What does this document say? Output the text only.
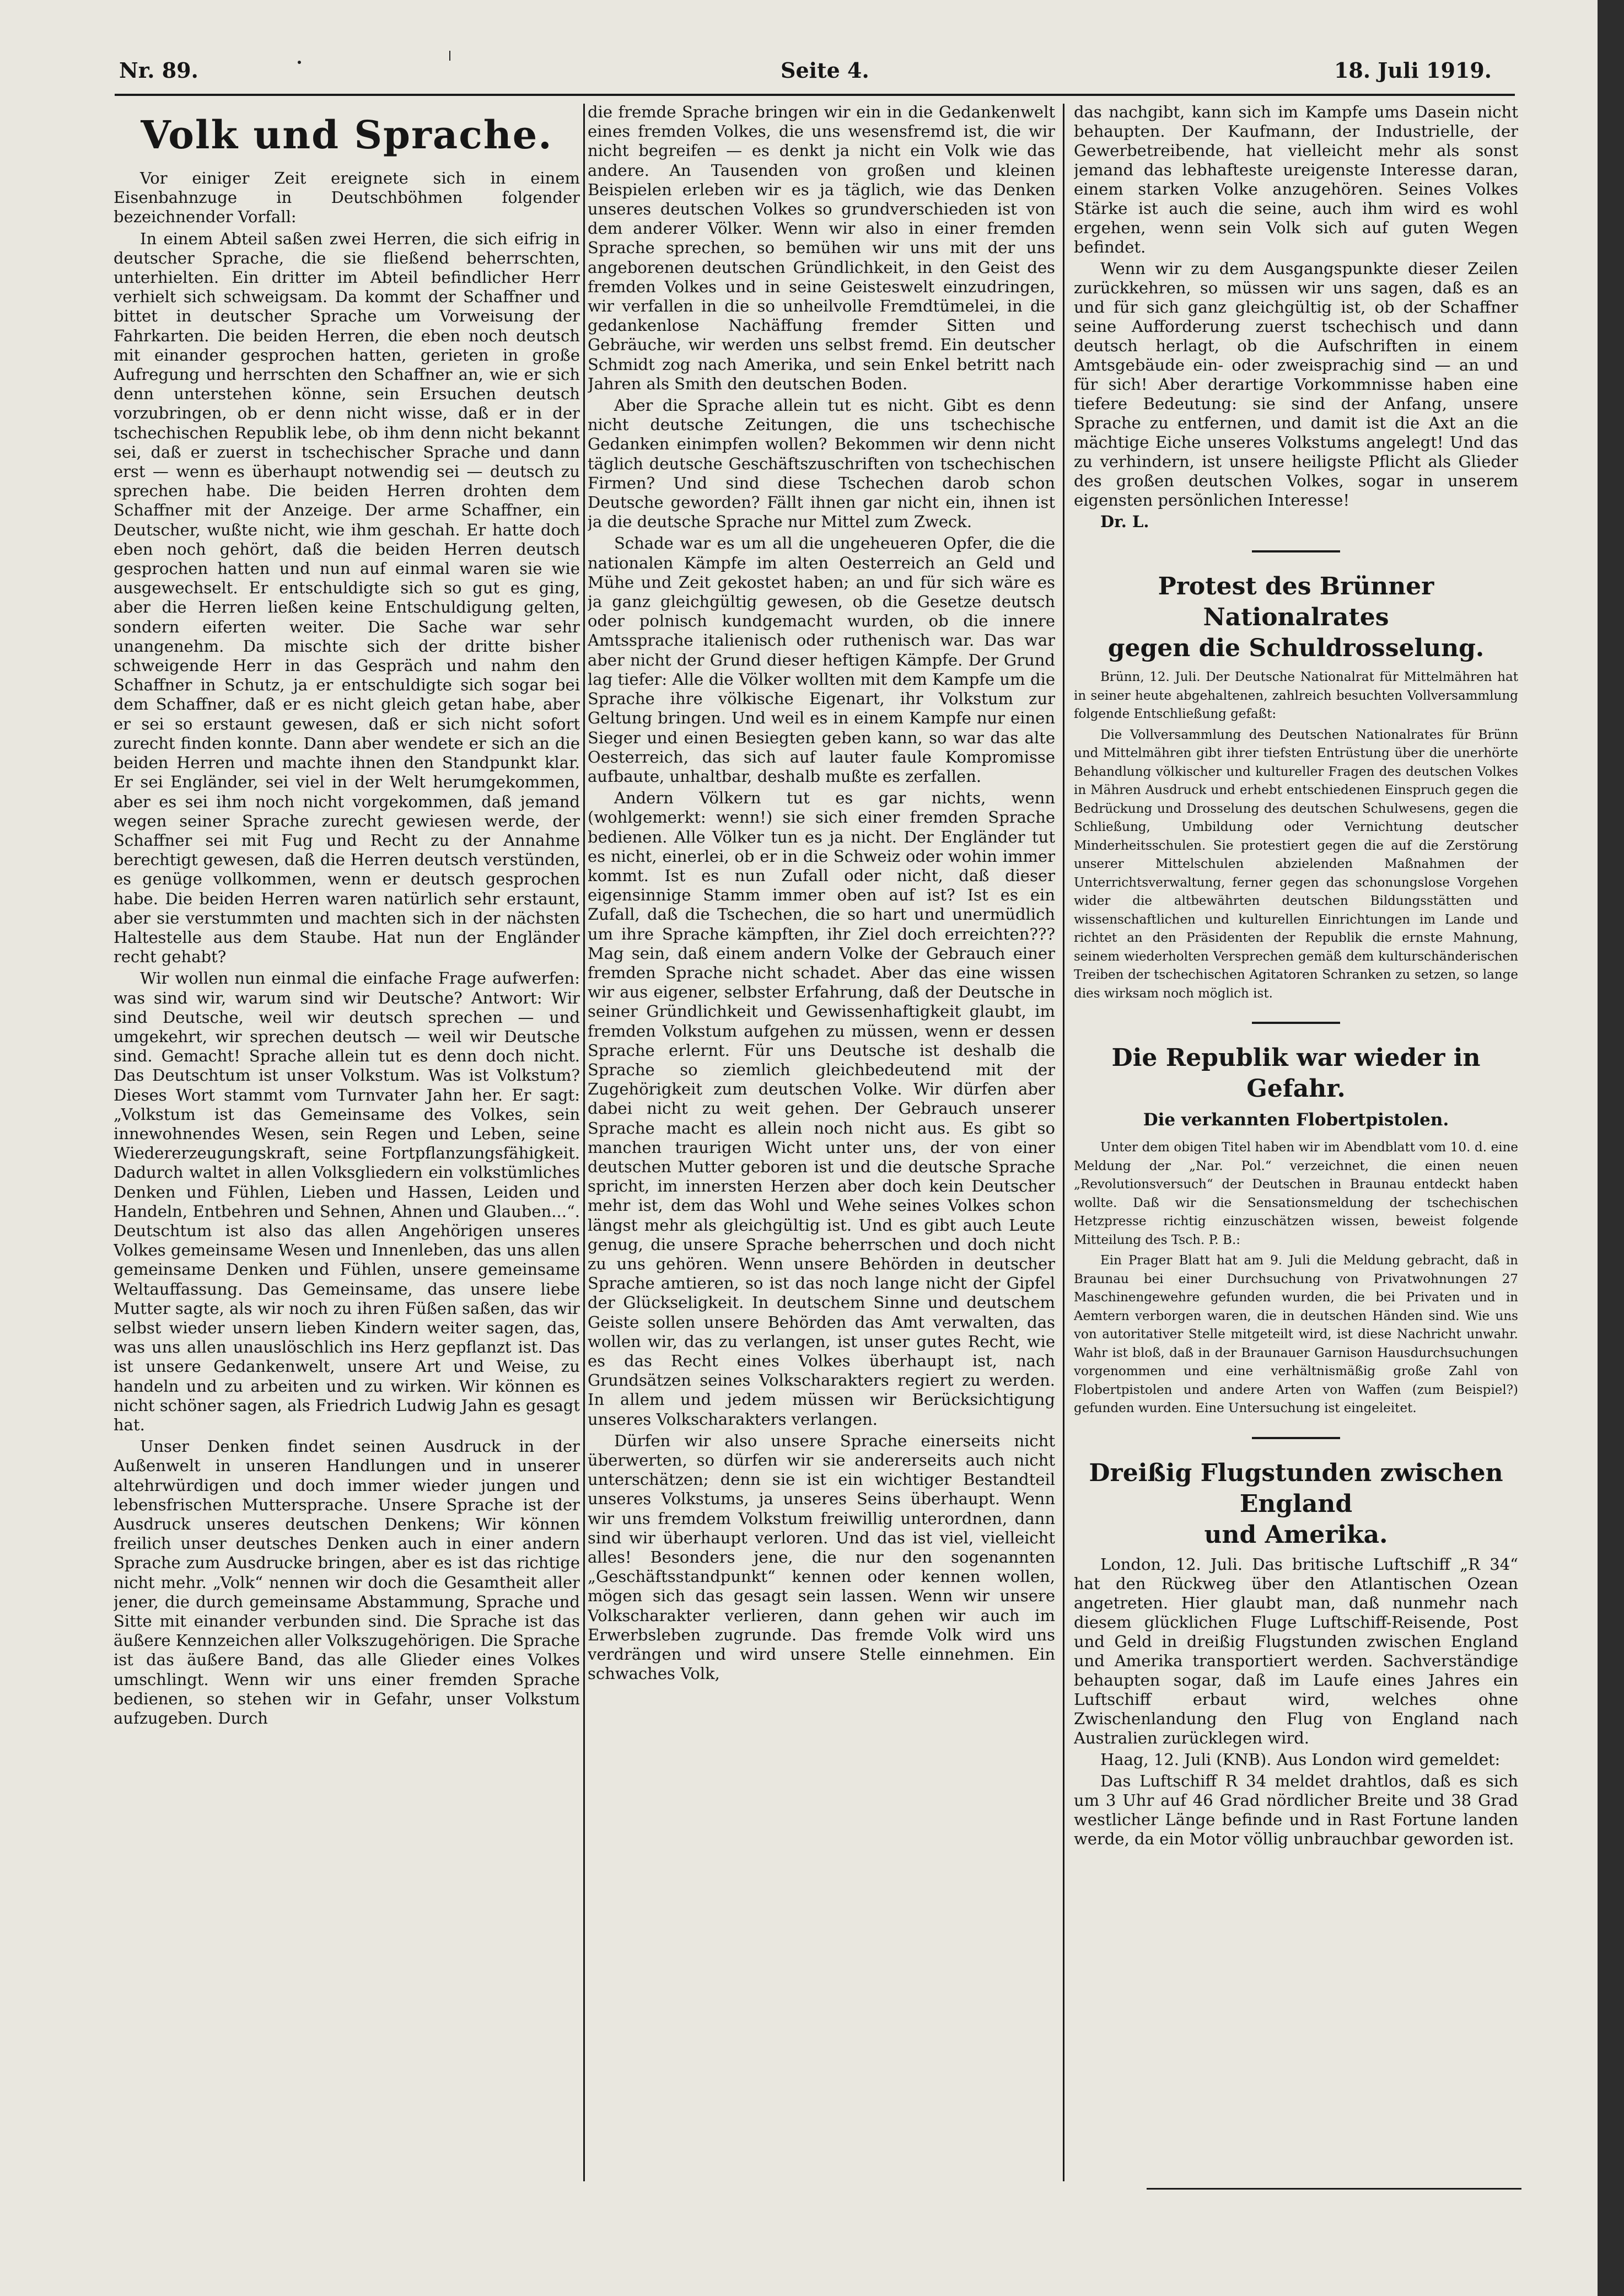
Nr. 89.	Seite 4.	18. Juli 1919.
Volk und Sprache.

Vor einiger Zeit ereignete sich in einem Eisenbahnzuge in Deutschböhmen folgender bezeichnender Vorfall:

In einem Abteil saßen zwei Herren, die sich eifrig in deutscher Sprache, die sie fließend beherrschten, unterhielten. Ein dritter im Abteil befindlicher Herr verhielt sich schweigsam. Da kommt der Schaffner und bittet in deutscher Sprache um Vorweisung der Fahrkarten. Die beiden Herren, die eben noch deutsch mit einander gesprochen hatten, gerieten in große Aufregung und herrschten den Schaffner an, wie er sich denn unterstehen könne, sein Ersuchen deutsch vorzubringen, ob er denn nicht wisse, daß er in der tschechischen Republik lebe, ob ihm denn nicht bekannt sei, daß er zuerst in tschechischer Sprache und dann erst — wenn es überhaupt notwendig sei — deutsch zu sprechen habe. Die beiden Herren drohten dem Schaffner mit der Anzeige. Der arme Schaffner, ein Deutscher, wußte nicht, wie ihm geschah. Er hatte doch eben noch gehört, daß die beiden Herren deutsch gesprochen hatten und nun auf einmal waren sie wie ausgewechselt. Er entschuldigte sich so gut es ging, aber die Herren ließen keine Entschuldigung gelten, sondern eiferten weiter. Die Sache war sehr unangenehm. Da mischte sich der dritte bisher schweigende Herr in das Gespräch und nahm den Schaffner in Schutz, ja er entschuldigte sich sogar bei dem Schaffner, daß er es nicht gleich getan habe, aber er sei so erstaunt gewesen, daß er sich nicht sofort zurecht finden konnte. Dann aber wendete er sich an die beiden Herren und machte ihnen den Standpunkt klar. Er sei Engländer, sei viel in der Welt herumgekommen, aber es sei ihm noch nicht vorgekommen, daß jemand wegen seiner Sprache zurecht gewiesen werde, der Schaffner sei mit Fug und Recht zu der Annahme berechtigt gewesen, daß die Herren deutsch verstünden, es genüge vollkommen, wenn er deutsch gesprochen habe. Die beiden Herren waren natürlich sehr erstaunt, aber sie verstummten und machten sich in der nächsten Haltestelle aus dem Staube. Hat nun der Engländer recht gehabt?

Wir wollen nun einmal die einfache Frage aufwerfen: was sind wir, warum sind wir Deutsche? Antwort: Wir sind Deutsche, weil wir deutsch sprechen — und umgekehrt, wir sprechen deutsch — weil wir Deutsche sind. Gemacht! Sprache allein tut es denn doch nicht. Das Deutschtum ist unser Volkstum. Was ist Volkstum? Dieses Wort stammt vom Turnvater Jahn her. Er sagt: „Volkstum ist das Gemeinsame des Volkes, sein innewohnendes Wesen, sein Regen und Leben, seine Wiedererzeugungskraft, seine Fortpflanzungsfähigkeit. Dadurch waltet in allen Volksgliedern ein volkstümliches Denken und Fühlen, Lieben und Hassen, Leiden und Handeln, Entbehren und Sehnen, Ahnen und Glauben...“. Deutschtum ist also das allen Angehörigen unseres Volkes gemeinsame Wesen und Innenleben, das uns allen gemeinsame Denken und Fühlen, unsere gemeinsame Weltauffassung. Das Gemeinsame, das unsere liebe Mutter sagte, als wir noch zu ihren Füßen saßen, das wir selbst wieder unsern lieben Kindern weiter sagen, das, was uns allen unauslöschlich ins Herz gepflanzt ist. Das ist unsere Gedankenwelt, unsere Art und Weise, zu handeln und zu arbeiten und zu wirken. Wir können es nicht schöner sagen, als Friedrich Ludwig Jahn es gesagt hat.

Unser Denken findet seinen Ausdruck in der Außenwelt in unseren Handlungen und in unserer altehrwürdigen und doch immer wieder jungen und lebensfrischen Muttersprache. Unsere Sprache ist der Ausdruck unseres deutschen Denkens; Wir können freilich unser deutsches Denken auch in einer andern Sprache zum Ausdrucke bringen, aber es ist das richtige nicht mehr. „Volk“ nennen wir doch die Gesamtheit aller jener, die durch gemeinsame Abstammung, Sprache und Sitte mit einander verbunden sind. Die Sprache ist das äußere Kennzeichen aller Volkszugehörigen. Die Sprache ist das äußere Band, das alle Glieder eines Volkes umschlingt. Wenn wir uns einer fremden Sprache bedienen, so stehen wir in Gefahr, unser Volkstum aufzugeben. Durch

die fremde Sprache bringen wir ein in die Gedankenwelt eines fremden Volkes, die uns wesensfremd ist, die wir nicht begreifen — es denkt ja nicht ein Volk wie das andere. An Tausenden von großen und kleinen Beispielen erleben wir es ja täglich, wie das Denken unseres deutschen Volkes so grundverschieden ist von dem anderer Völker. Wenn wir also in einer fremden Sprache sprechen, so bemühen wir uns mit der uns angeborenen deutschen Gründlichkeit, in den Geist des fremden Volkes und in seine Geisteswelt einzudringen, wir verfallen in die so unheilvolle Fremdtümelei, in die gedankenlose Nachäffung fremder Sitten und Gebräuche, wir werden uns selbst fremd. Ein deutscher Schmidt zog nach Amerika, und sein Enkel betritt nach Jahren als Smith den deutschen Boden.

Aber die Sprache allein tut es nicht. Gibt es denn nicht deutsche Zeitungen, die uns tschechische Gedanken einimpfen wollen? Bekommen wir denn nicht täglich deutsche Geschäftszuschriften von tschechischen Firmen? Und sind diese Tschechen darob schon Deutsche geworden? Fällt ihnen gar nicht ein, ihnen ist ja die deutsche Sprache nur Mittel zum Zweck.

Schade war es um all die ungeheueren Opfer, die die nationalen Kämpfe im alten Oesterreich an Geld und Mühe und Zeit gekostet haben; an und für sich wäre es ja ganz gleichgültig gewesen, ob die Gesetze deutsch oder polnisch kundgemacht wurden, ob die innere Amtssprache italienisch oder ruthenisch war. Das war aber nicht der Grund dieser heftigen Kämpfe. Der Grund lag tiefer: Alle die Völker wollten mit dem Kampfe um die Sprache ihre völkische Eigenart, ihr Volkstum zur Geltung bringen. Und weil es in einem Kampfe nur einen Sieger und einen Besiegten geben kann, so war das alte Oesterreich, das sich auf lauter faule Kompromisse aufbaute, unhaltbar, deshalb mußte es zerfallen.

Andern Völkern tut es gar nichts, wenn (wohlgemerkt: wenn!) sie sich einer fremden Sprache bedienen. Alle Völker tun es ja nicht. Der Engländer tut es nicht, einerlei, ob er in die Schweiz oder wohin immer kommt. Ist es nun Zufall oder nicht, daß dieser eigensinnige Stamm immer oben auf ist? Ist es ein Zufall, daß die Tschechen, die so hart und unermüdlich um ihre Sprache kämpften, ihr Ziel doch erreichten??? Mag sein, daß einem andern Volke der Gebrauch einer fremden Sprache nicht schadet. Aber das eine wissen wir aus eigener, selbster Erfahrung, daß der Deutsche in seiner Gründlichkeit und Gewissenhaftigkeit glaubt, im fremden Volkstum aufgehen zu müssen, wenn er dessen Sprache erlernt. Für uns Deutsche ist deshalb die Sprache so ziemlich gleichbedeutend mit der Zugehörigkeit zum deutschen Volke. Wir dürfen aber dabei nicht zu weit gehen. Der Gebrauch unserer Sprache macht es allein noch nicht aus. Es gibt so manchen traurigen Wicht unter uns, der von einer deutschen Mutter geboren ist und die deutsche Sprache spricht, im innersten Herzen aber doch kein Deutscher mehr ist, dem das Wohl und Wehe seines Volkes schon längst mehr als gleichgültig ist. Und es gibt auch Leute genug, die unsere Sprache beherrschen und doch nicht zu uns gehören. Wenn unsere Behörden in deutscher Sprache amtieren, so ist das noch lange nicht der Gipfel der Glückseligkeit. In deutschem Sinne und deutschem Geiste sollen unsere Behörden das Amt verwalten, das wollen wir, das zu verlangen, ist unser gutes Recht, wie es das Recht eines Volkes überhaupt ist, nach Grundsätzen seines Volkscharakters regiert zu werden. In allem und jedem müssen wir Berücksichtigung unseres Volkscharakters verlangen.

Dürfen wir also unsere Sprache einerseits nicht überwerten, so dürfen wir sie andererseits auch nicht unterschätzen; denn sie ist ein wichtiger Bestandteil unseres Volkstums, ja unseres Seins überhaupt. Wenn wir uns fremdem Volkstum freiwillig unterordnen, dann sind wir überhaupt verloren. Und das ist viel, vielleicht alles! Besonders jene, die nur den sogenannten „Geschäftsstandpunkt“ kennen oder kennen wollen, mögen sich das gesagt sein lassen. Wenn wir unsere Volkscharakter verlieren, dann gehen wir auch im Erwerbsleben zugrunde. Das fremde Volk wird uns verdrängen und wird unsere Stelle einnehmen. Ein schwaches Volk,

das nachgibt, kann sich im Kampfe ums Dasein nicht behaupten. Der Kaufmann, der Industrielle, der Gewerbetreibende, hat vielleicht mehr als sonst jemand das lebhafteste ureigenste Interesse daran, einem starken Volke anzugehören. Seines Volkes Stärke ist auch die seine, auch ihm wird es wohl ergehen, wenn sein Volk sich auf guten Wegen befindet.

Wenn wir zu dem Ausgangspunkte dieser Zeilen zurückkehren, so müssen wir uns sagen, daß es an und für sich ganz gleichgültig ist, ob der Schaffner seine Aufforderung zuerst tschechisch und dann deutsch herlagt, ob die Aufschriften in einem Amtsgebäude ein- oder zweisprachig sind — an und für sich! Aber derartige Vorkommnisse haben eine tiefere Bedeutung: sie sind der Anfang, unsere Sprache zu entfernen, und damit ist die Axt an die mächtige Eiche unseres Volkstums angelegt! Und das zu verhindern, ist unsere heiligste Pflicht als Glieder des großen deutschen Volkes, sogar in unserem eigensten persönlichen Interesse!

Dr. L.

Protest des Brünner Nationalrates
gegen die Schuldrosselung.

Brünn, 12. Juli. Der Deutsche Nationalrat für Mittelmähren hat in seiner heute abgehaltenen, zahlreich besuchten Vollversammlung folgende Entschließung gefaßt:

Die Vollversammlung des Deutschen Nationalrates für Brünn und Mittelmähren gibt ihrer tiefsten Entrüstung über die unerhörte Behandlung völkischer und kultureller Fragen des deutschen Volkes in Mähren Ausdruck und erhebt entschiedenen Einspruch gegen die Bedrückung und Drosselung des deutschen Schulwesens, gegen die Schließung, Umbildung oder Vernichtung deutscher Minderheitsschulen. Sie protestiert gegen die auf die Zerstörung unserer Mittelschulen abzielenden Maßnahmen der Unterrichtsverwaltung, ferner gegen das schonungslose Vorgehen wider die altbewährten deutschen Bildungsstätten und wissenschaftlichen und kulturellen Einrichtungen im Lande und richtet an den Präsidenten der Republik die ernste Mahnung, seinem wiederholten Versprechen gemäß dem kulturschänderischen Treiben der tschechischen Agitatoren Schranken zu setzen, so lange dies wirksam noch möglich ist.

Die Republik war wieder in Gefahr.
Die verkannten Flobertpistolen.

Unter dem obigen Titel haben wir im Abendblatt vom 10. d. eine Meldung der „Nar. Pol.“ verzeichnet, die einen neuen „Revolutionsversuch“ der Deutschen in Braunau entdeckt haben wollte. Daß wir die Sensationsmeldung der tschechischen Hetzpresse richtig einzuschätzen wissen, beweist folgende Mitteilung des Tsch. P. B.:

Ein Prager Blatt hat am 9. Juli die Meldung gebracht, daß in Braunau bei einer Durchsuchung von Privatwohnungen 27 Maschinengewehre gefunden wurden, die bei Privaten und in Aemtern verborgen waren, die in deutschen Händen sind. Wie uns von autoritativer Stelle mitgeteilt wird, ist diese Nachricht unwahr. Wahr ist bloß, daß in der Braunauer Garnison Hausdurchsuchungen vorgenommen und eine verhältnismäßig große Zahl von Flobertpistolen und andere Arten von Waffen (zum Beispiel?) gefunden wurden. Eine Untersuchung ist eingeleitet.

Dreißig Flugstunden zwischen England
und Amerika.

London, 12. Juli. Das britische Luftschiff „R 34“ hat den Rückweg über den Atlantischen Ozean angetreten. Hier glaubt man, daß nunmehr nach diesem glücklichen Fluge Luftschiff-Reisende, Post und Geld in dreißig Flugstunden zwischen England und Amerika transportiert werden. Sachverständige behaupten sogar, daß im Laufe eines Jahres ein Luftschiff erbaut wird, welches ohne Zwischenlandung den Flug von England nach Australien zurücklegen wird.

Haag, 12. Juli (KNB). Aus London wird gemeldet:

Das Luftschiff R 34 meldet drahtlos, daß es sich um 3 Uhr auf 46 Grad nördlicher Breite und 38 Grad westlicher Länge befinde und in Rast Fortune landen werde, da ein Motor völlig unbrauchbar geworden ist.
